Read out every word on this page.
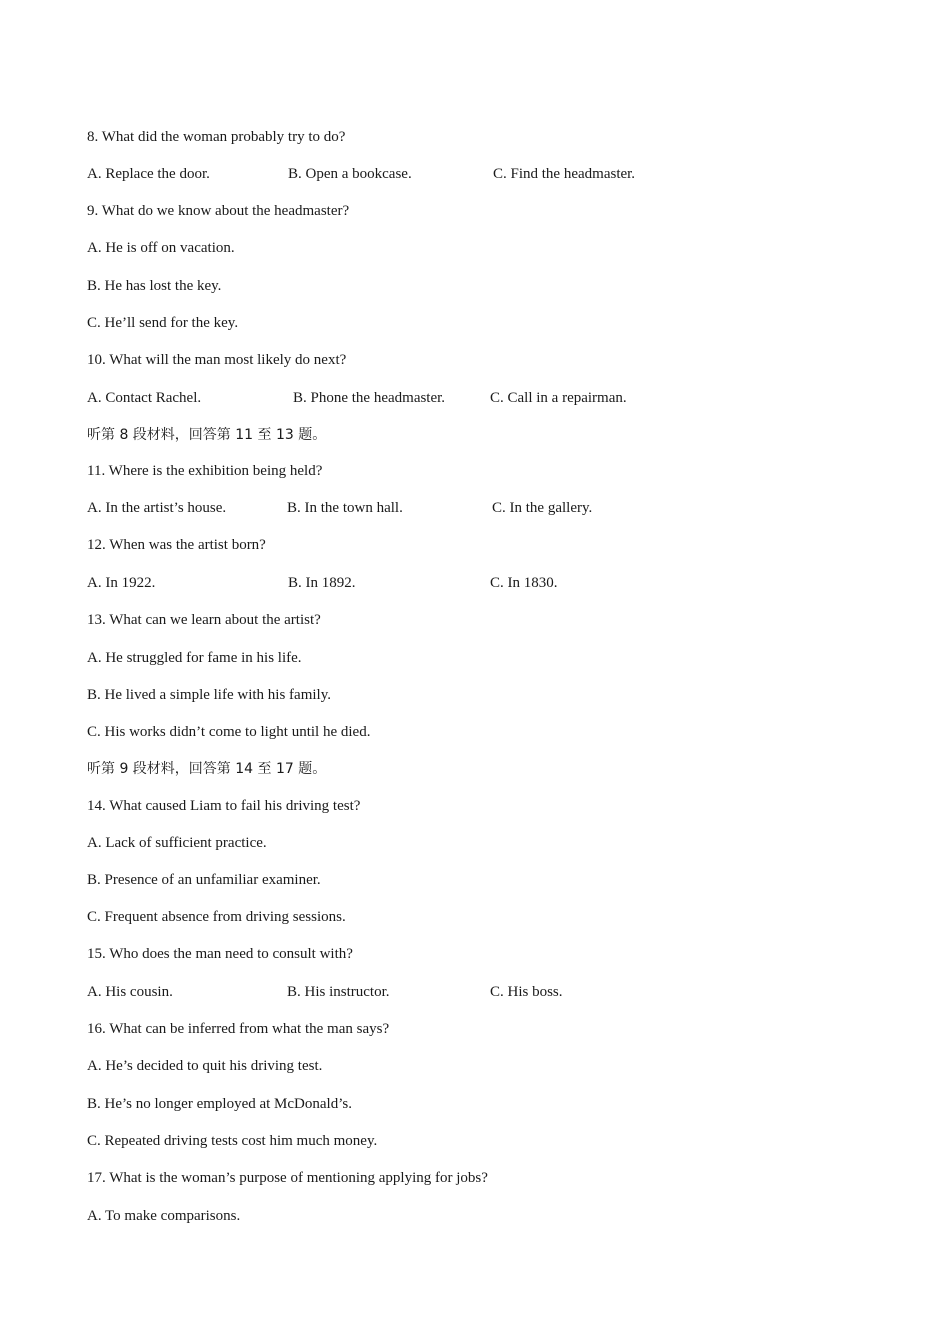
8. What did the woman probably try to do?
A. Replace the door.	B. Open a bookcase.	C. Find the headmaster.
9. What do we know about the headmaster?
A. He is off on vacation.
B. He has lost the key.
C. He’ll send for the key.
10. What will the man most likely do next?
A. Contact Rachel.	B. Phone the headmaster.	C. Call in a repairman.
听第 8 段材料，回答第 11 至 13 题。
11. Where is the exhibition being held?
A. In the artist’s house.	B. In the town hall.	C. In the gallery.
12. When was the artist born?
A. In 1922.	B. In 1892.	C. In 1830.
13. What can we learn about the artist?
A. He struggled for fame in his life.
B. He lived a simple life with his family.
C. His works didn’t come to light until he died.
听第 9 段材料，回答第 14 至 17 题。
14. What caused Liam to fail his driving test?
A. Lack of sufficient practice.
B. Presence of an unfamiliar examiner.
C. Frequent absence from driving sessions.
15. Who does the man need to consult with?
A. His cousin.	B. His instructor.	C. His boss.
16. What can be inferred from what the man says?
A. He’s decided to quit his driving test.
B. He’s no longer employed at McDonald’s.
C. Repeated driving tests cost him much money.
17. What is the woman’s purpose of mentioning applying for jobs?
A. To make comparisons.
